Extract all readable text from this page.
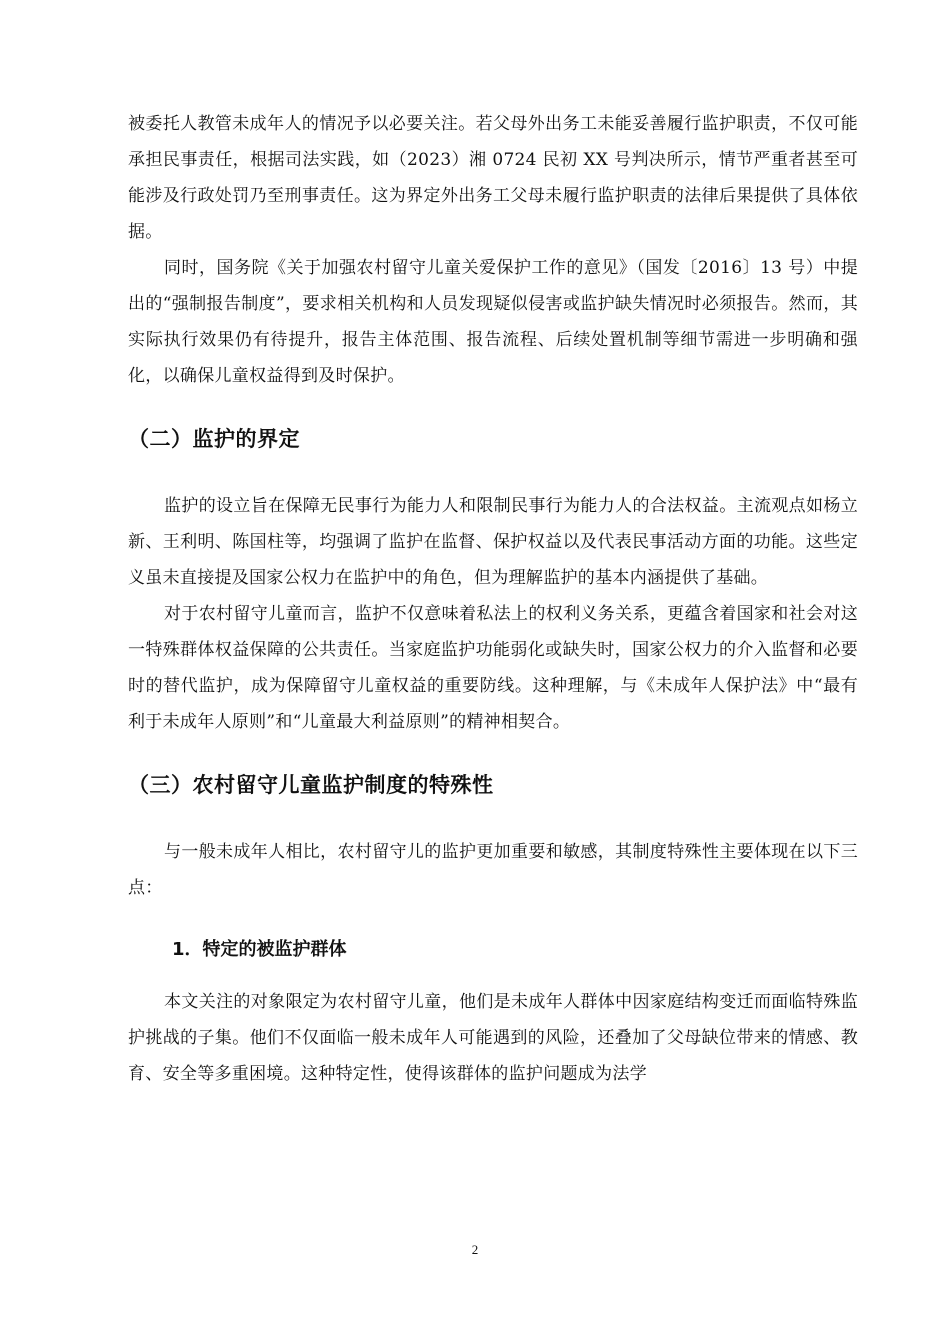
被委托人教管未成年人的情况予以必要关注。若父母外出务工未能妥善履行监护职责，不仅可能承担民事责任，根据司法实践，如（2023）湘 0724 民初 XX 号判决所示，情节严重者甚至可能涉及行政处罚乃至刑事责任。这为界定外出务工父母未履行监护职责的法律后果提供了具体依据。

同时，国务院《关于加强农村留守儿童关爱保护工作的意见》（国发〔2016〕13 号）中提出的“强制报告制度”，要求相关机构和人员发现疑似侵害或监护缺失情况时必须报告。然而，其实际执行效果仍有待提升，报告主体范围、报告流程、后续处置机制等细节需进一步明确和强化，以确保儿童权益得到及时保护。

（二）监护的界定

监护的设立旨在保障无民事行为能力人和限制民事行为能力人的合法权益。主流观点如杨立新、王利明、陈国柱等，均强调了监护在监督、保护权益以及代表民事活动方面的功能。这些定义虽未直接提及国家公权力在监护中的角色，但为理解监护的基本内涵提供了基础。

对于农村留守儿童而言，监护不仅意味着私法上的权利义务关系，更蕴含着国家和社会对这一特殊群体权益保障的公共责任。当家庭监护功能弱化或缺失时，国家公权力的介入监督和必要时的替代监护，成为保障留守儿童权益的重要防线。这种理解，与《未成年人保护法》中“最有利于未成年人原则”和“儿童最大利益原则”的精神相契合。

（三）农村留守儿童监护制度的特殊性

与一般未成年人相比，农村留守儿的监护更加重要和敏感，其制度特殊性主要体现在以下三点：

1．特定的被监护群体

本文关注的对象限定为农村留守儿童，他们是未成年人群体中因家庭结构变迁而面临特殊监护挑战的子集。他们不仅面临一般未成年人可能遇到的风险，还叠加了父母缺位带来的情感、教育、安全等多重困境。这种特定性，使得该群体的监护问题成为法学

2
